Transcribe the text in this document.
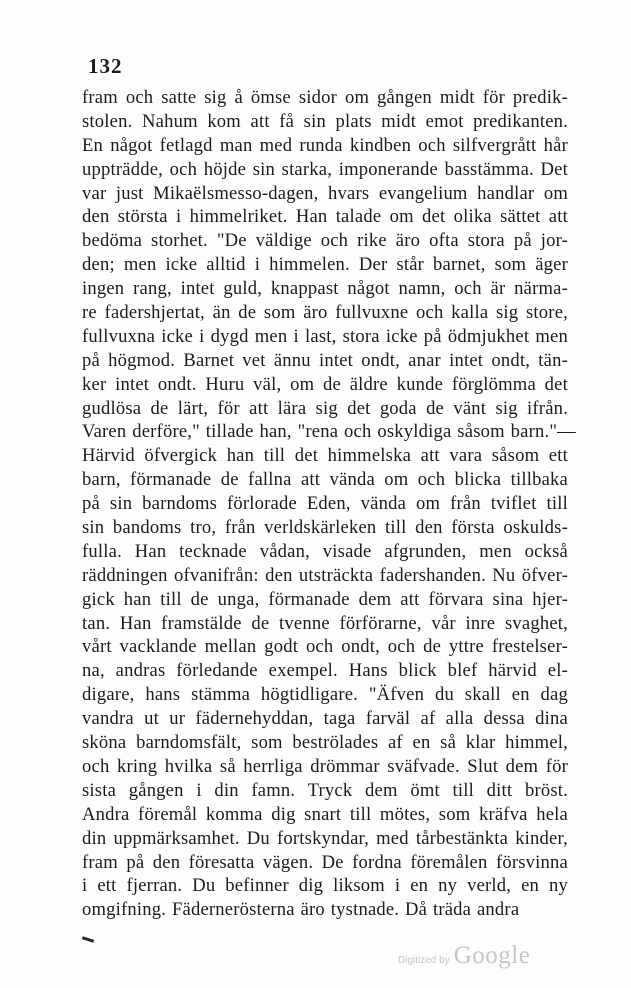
132
fram och satte sig å ömse sidor om gången midt för predik-
stolen. Nahum kom att få sin plats midt emot predikanten.
En något fetlagd man med runda kindben och silfvergrått hår
uppträdde, och höjde sin starka, imponerande basstämma. Det
var just Mikaëlsmesso-dagen, hvars evangelium handlar om
den största i himmelriket. Han talade om det olika sättet att
bedöma storhet. "De väldige och rike äro ofta stora på jor-
den; men icke alltid i himmelen. Der står barnet, som äger
ingen rang, intet guld, knappast något namn, och är närma-
re fadershjertat, än de som äro fullvuxne och kalla sig store,
fullvuxna icke i dygd men i last, stora icke på ödmjukhet men
på högmod. Barnet vet ännu intet ondt, anar intet ondt, tän-
ker intet ondt. Huru väl, om de äldre kunde förglömma det
gudlösa de lärt, för att lära sig det goda de vänt sig ifrån.
Varen derföre," tillade han, "rena och oskyldiga såsom barn."—
Härvid öfvergick han till det himmelska att vara såsom ett
barn, förmanade de fallna att vända om och blicka tillbaka
på sin barndoms förlorade Eden, vända om från tviflet till
sin bandoms tro, från verldskärleken till den första oskulds-
fulla. Han tecknade vådan, visade afgrunden, men också
räddningen ofvanifrån: den utsträckta fadershanden. Nu öfver-
gick han till de unga, förmanade dem att förvara sina hjer-
tan. Han framstälde de tvenne förförarne, vår inre svaghet,
vårt vacklande mellan godt och ondt, och de yttre frestelser-
na, andras förledande exempel. Hans blick blef härvid el-
digare, hans stämma högtidligare. "Äfven du skall en dag
vandra ut ur fädernehyddan, taga farväl af alla dessa dina
sköna barndomsfält, som beströlades af en så klar himmel,
och kring hvilka så herrliga drömmar sväfvade. Slut dem för
sista gången i din famn. Tryck dem ömt till ditt bröst.
Andra föremål komma dig snart till mötes, som kräfva hela
din uppmärksamhet. Du fortskyndar, med tårbestänkta kinder,
fram på den föresatta vägen. De fordna föremålen försvinna
i ett fjerran. Du befinner dig liksom i en ny verld, en ny
omgifning. Fädernerösterna äro tystnade. Då träda andra
Digitized by Google
